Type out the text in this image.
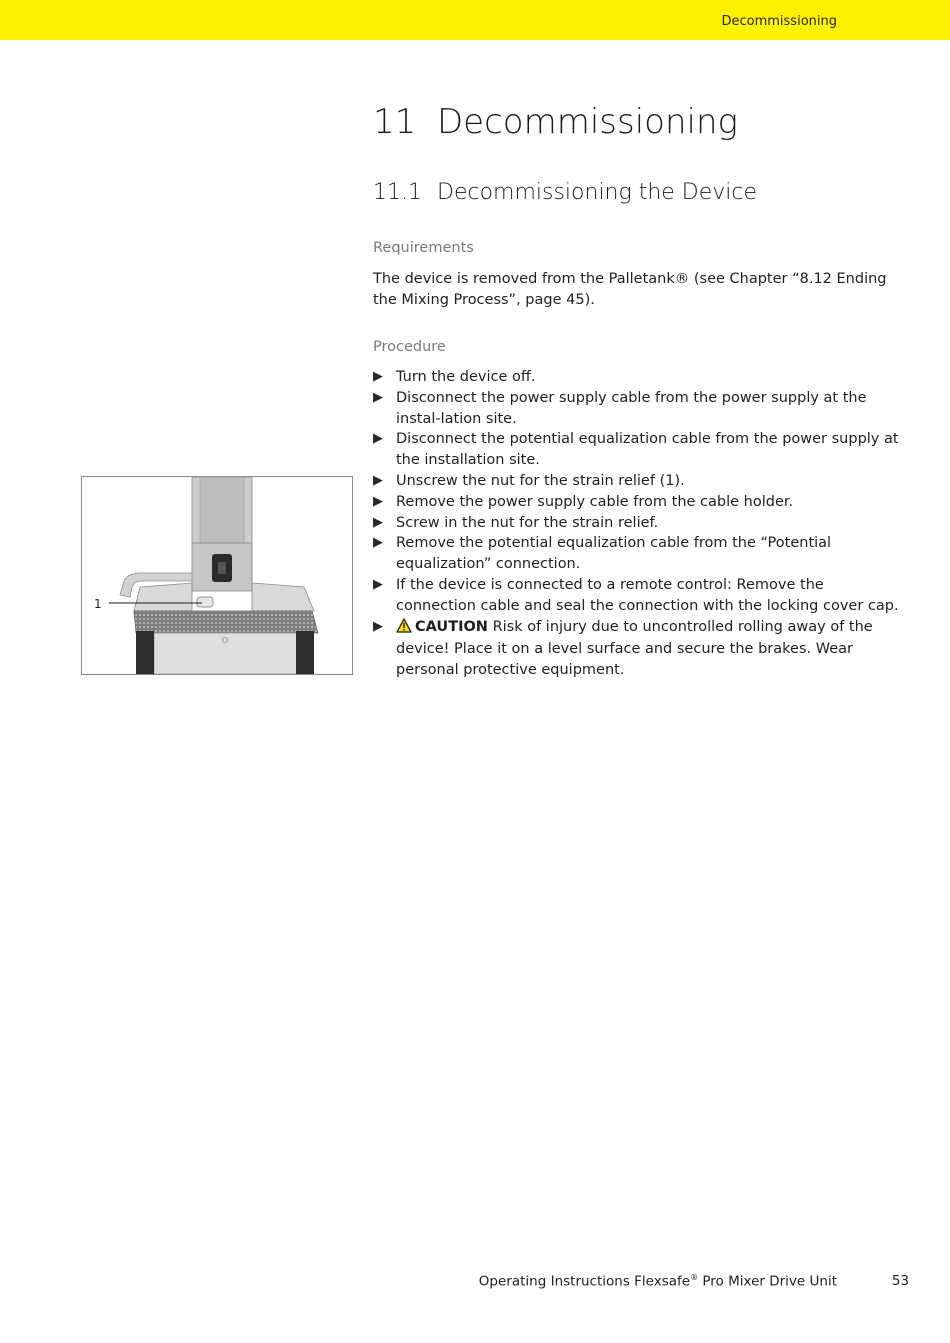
Decommissioning
11 Decommissioning
11.1 Decommissioning the Device
Requirements
The device is removed from the Palletank® (see Chapter “8.12 Ending the Mixing Process”, page 45).
Procedure
▶ Turn the device off.
▶ Disconnect the power supply cable from the power supply at the instal-lation site.
▶ Disconnect the potential equalization cable from the power supply at the installation site.
▶ Unscrew the nut for the strain relief (1).
▶ Remove the power supply cable from the cable holder.
▶ Screw in the nut for the strain relief.
▶ Remove the potential equalization cable from the “Potential equalization” connection.
▶ If the device is connected to a remote control: Remove the connection cable and seal the connection with the locking cover cap.
▶ CAUTION Risk of injury due to uncontrolled rolling away of the device! Place it on a level surface and secure the brakes. Wear personal protective equipment.
1
Operating Instructions Flexsafe® Pro Mixer Drive Unit	53
